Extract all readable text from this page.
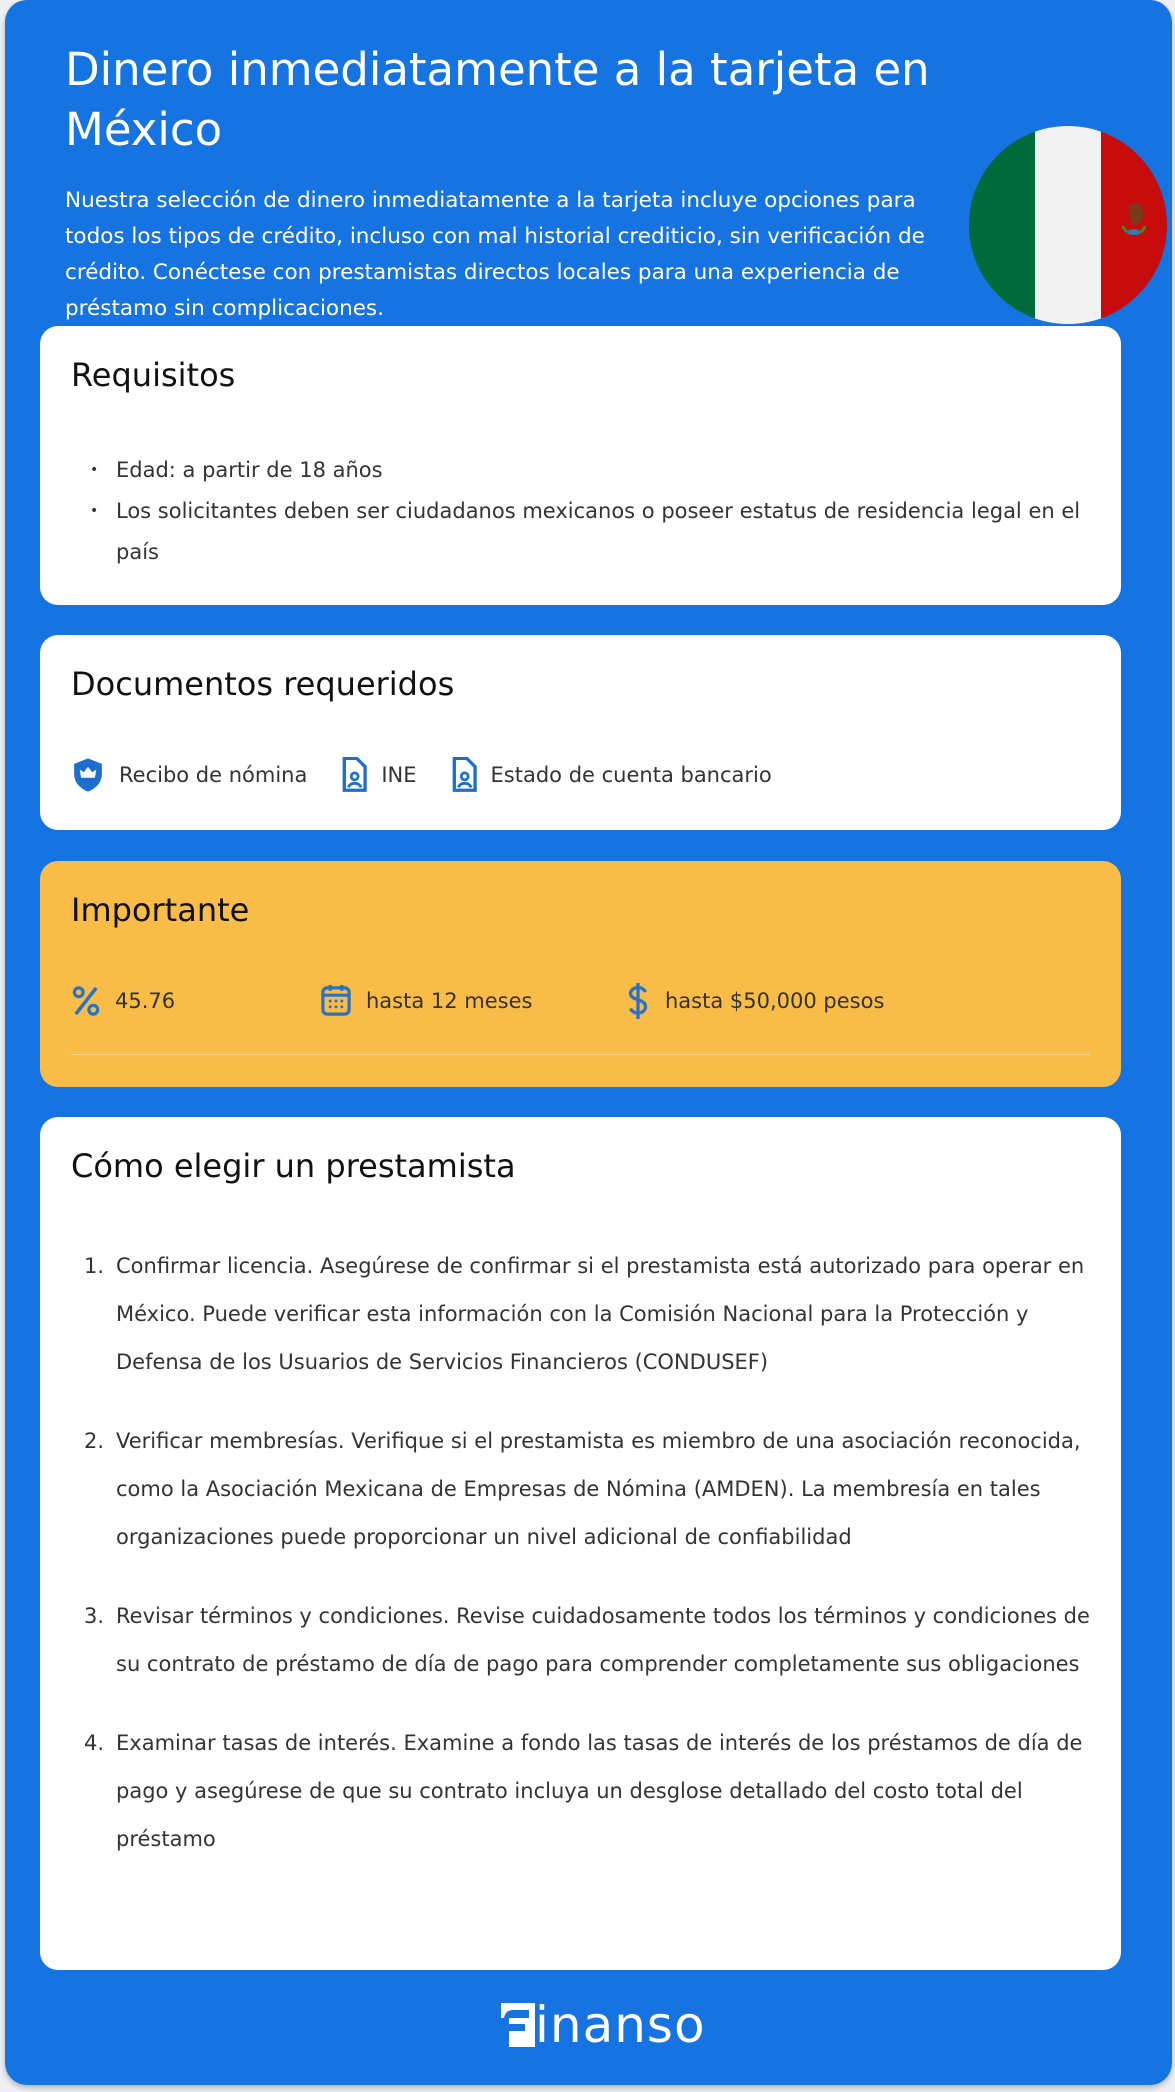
Dinero inmediatamente a la tarjeta en México

Nuestra selección de dinero inmediatamente a la tarjeta incluye opciones para todos los tipos de crédito, incluso con mal historial crediticio, sin verificación de crédito. Conéctese con prestamistas directos locales para una experiencia de préstamo sin complicaciones.

Requisitos
• Edad: a partir de 18 años
• Los solicitantes deben ser ciudadanos mexicanos o poseer estatus de residencia legal en el país
Documentos requeridos
Recibo de nómina	INE	Estado de cuenta bancario
Importante
45.76	hasta 12 meses	hasta $50,000 pesos
Cómo elegir un prestamista
1. Confirmar licencia. Asegúrese de confirmar si el prestamista está autorizado para operar en México. Puede verificar esta información con la Comisión Nacional para la Protección y Defensa de los Usuarios de Servicios Financieros (CONDUSEF)
2. Verificar membresías. Verifique si el prestamista es miembro de una asociación reconocida, como la Asociación Mexicana de Empresas de Nómina (AMDEN). La membresía en tales organizaciones puede proporcionar un nivel adicional de confiabilidad
3. Revisar términos y condiciones. Revise cuidadosamente todos los términos y condiciones de su contrato de préstamo de día de pago para comprender completamente sus obligaciones
4. Examinar tasas de interés. Examine a fondo las tasas de interés de los préstamos de día de pago y asegúrese de que su contrato incluya un desglose detallado del costo total del préstamo
inanso
